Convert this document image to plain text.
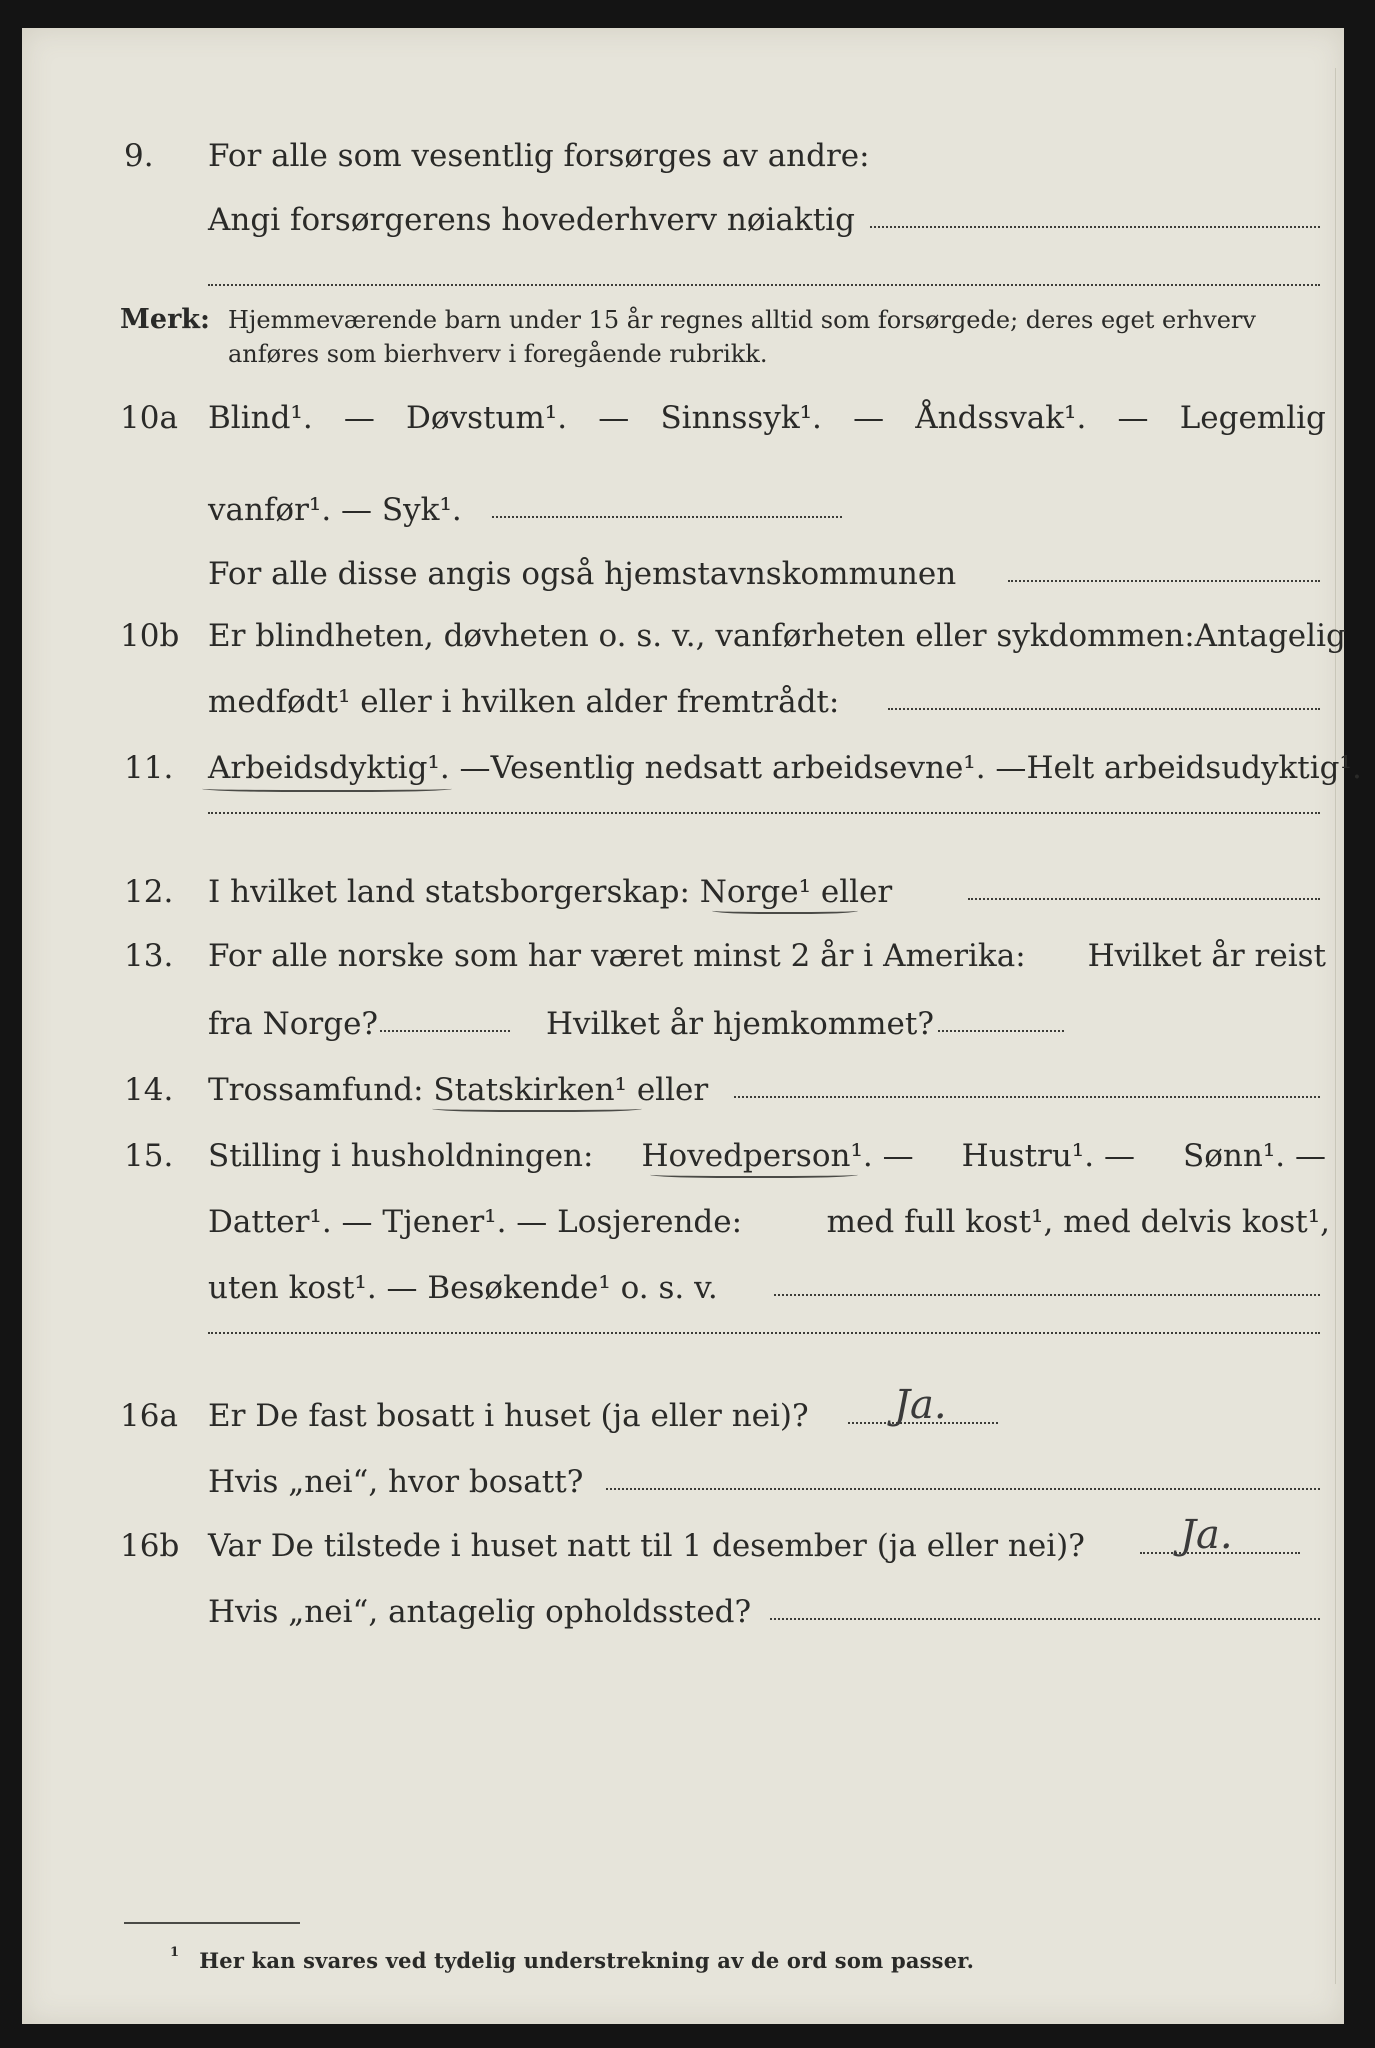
9. For alle som vesentlig forsørges av andre:
Angi forsørgerens hovederhverv nøiaktig
Merk: Hjemmeværende barn under 15 år regnes alltid som forsørgede; deres eget erhverv
anføres som bierhverv i foregående rubrikk.
10a Blind¹. — Døvstum¹. — Sinnssyk¹. — Åndssvak¹. — Legemlig
vanfør¹. — Syk¹.
For alle disse angis også hjemstavnskommunen
10b Er blindheten, døvheten o. s. v., vanførheten eller sykdommen: Antagelig
medfødt¹ eller i hvilken alder fremtrådt:
11. Arbeidsdyktig¹. — Vesentlig nedsatt arbeidsevne¹. — Helt arbeidsudyktig¹.
12. I hvilket land statsborgerskap: Norge¹ eller
13. For alle norske som har været minst 2 år i Amerika: Hvilket år reist
fra Norge?	Hvilket år hjemkommet?
14. Trossamfund: Statskirken¹ eller
15. Stilling i husholdningen: Hovedperson¹. — Hustru¹. — Sønn¹. —
Datter¹. — Tjener¹. — Losjerende:	med full kost¹, med delvis kost¹,
uten kost¹. — Besøkende¹ o. s. v.
16a Er De fast bosatt i huset (ja eller nei)? Ja.
Hvis „nei“, hvor bosatt?
16b Var De tilstede i huset natt til 1 desember (ja eller nei)? Ja.
Hvis „nei“, antagelig opholdssted?
$^1$ Her kan svares ved tydelig understrekning av de ord som passer.
